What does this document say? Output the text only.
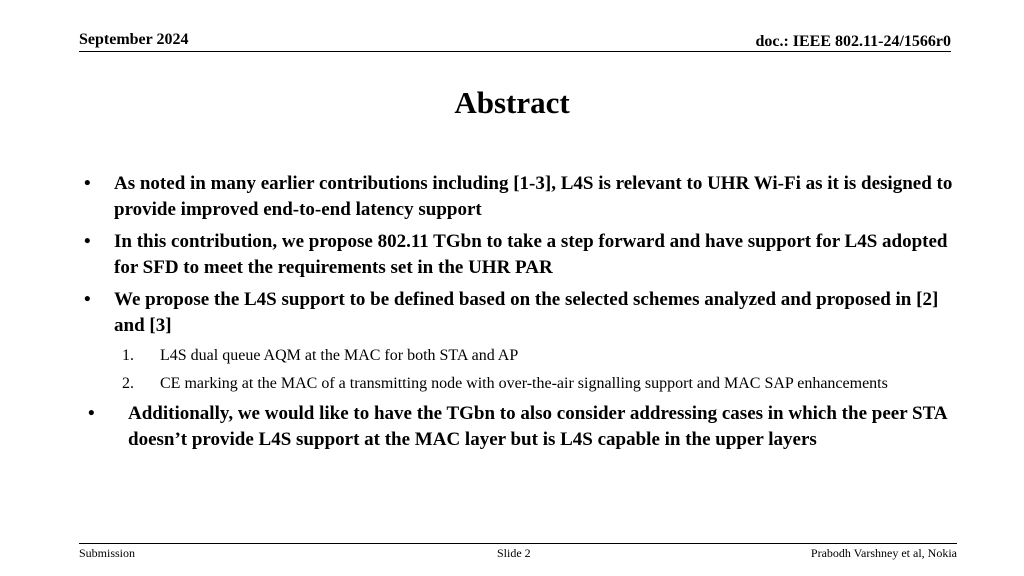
September 2024	doc.: IEEE 802.11-24/1566r0
Abstract
• As noted in many earlier contributions including [1-3], L4S is relevant to UHR Wi-Fi as it is designed to provide improved end-to-end latency support
• In this contribution, we propose 802.11 TGbn to take a step forward and have support for L4S adopted for SFD to meet the requirements set in the UHR PAR
• We propose the L4S support to be defined based on the selected schemes analyzed and proposed in [2] and [3]
1. L4S dual queue AQM at the MAC for both STA and AP
2. CE marking at the MAC of a transmitting node with over-the-air signalling support and MAC SAP enhancements
• Additionally, we would like to have the TGbn to also consider addressing cases in which the peer STA doesn’t provide L4S support at the MAC layer but is L4S capable in the upper layers
Submission	Slide 2	Prabodh Varshney et al, Nokia
